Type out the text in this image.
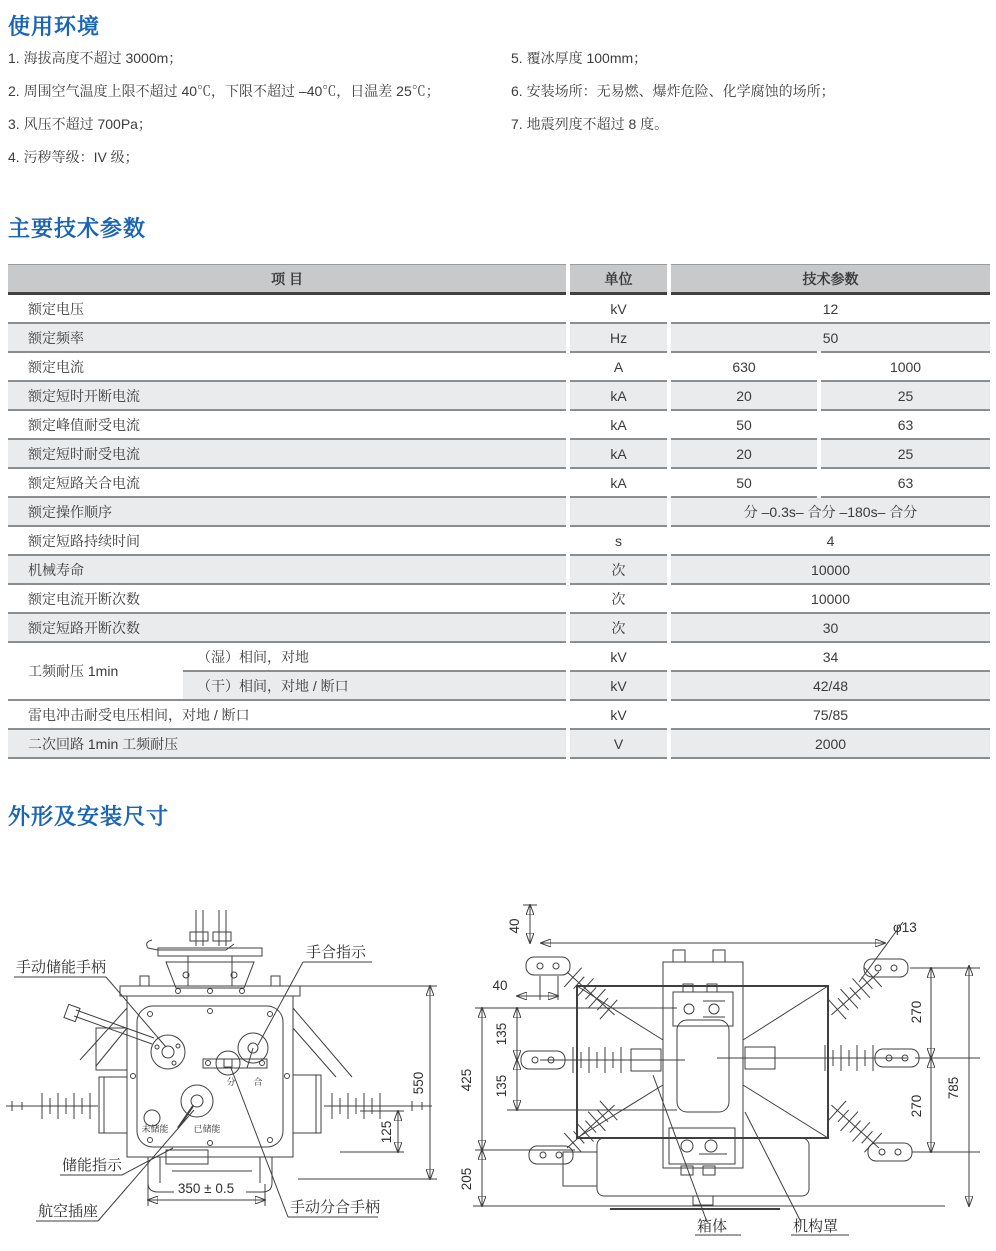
使用环境
1. 海拔高度不超过 3000m；
2. 周围空气温度上限不超过 40℃，下限不超过 –40℃，日温差 25℃；
3. 风压不超过 700Pa；
4. 污秽等级：IV 级；
5. 覆冰厚度 100mm；
6. 安装场所：无易燃、爆炸危险、化学腐蚀的场所；
7. 地震列度不超过 8 度。
主要技术参数
项 目		单位	技术参数	
额定电压		kV	12	
额定频率		Hz	50	
额定电流		A	630	1000
额定短时开断电流		kA	20	25
额定峰值耐受电流		kA	50	63
额定短时耐受电流		kA	20	25
额定短路关合电流		kA	50	63
额定操作顺序			分 –0.3s– 合分 –180s– 合分	
额定短路持续时间		s	4	
机械寿命		次	10000	
额定电流开断次数		次	10000	
额定短路开断次数		次	30	
工频耐压 1min	（湿）相间，对地	kV	34	
	（干）相间，对地 / 断口	kV	42/48	
雷电冲击耐受电压相间，对地 / 断口		kV	75/85	
二次回路 1min 工频耐压		V	2000	
外形及安装尺寸
手动储能手柄
手合指示
分 合
未储能	已储能
储能指示
航空插座	手动分合手柄
550
125
350 ± 0.5
40
40
φ13
135
135
425
205
270
270
785
箱体	机构罩
